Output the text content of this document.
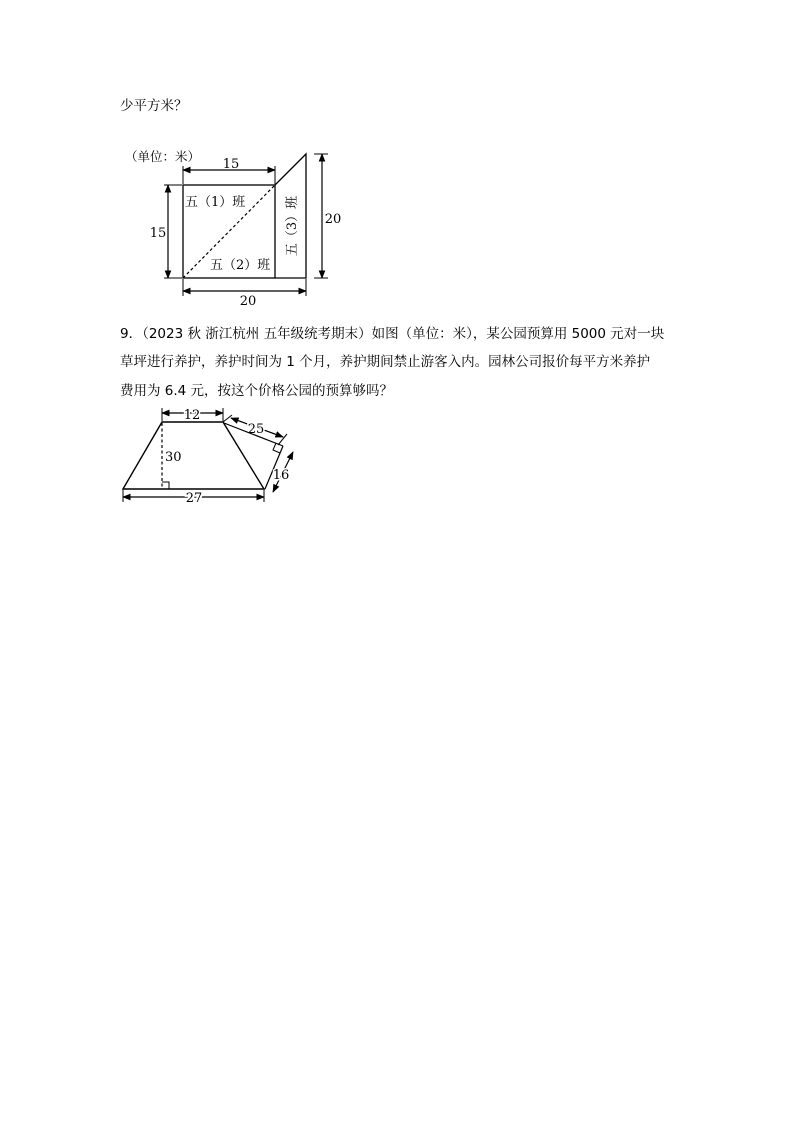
少平方米？
（单位：米）
15
15
20
20
五（1）班
五（2）班
五（3）班
9．（2023 秋 浙江杭州 五年级统考期末）如图（单位：米），某公园预算用 5000 元对一块
草坪进行养护，养护时间为 1 个月，养护期间禁止游客入内。园林公司报价每平方米养护
费用为 6.4 元，按这个价格公园的预算够吗？
30
12
27
25
16
